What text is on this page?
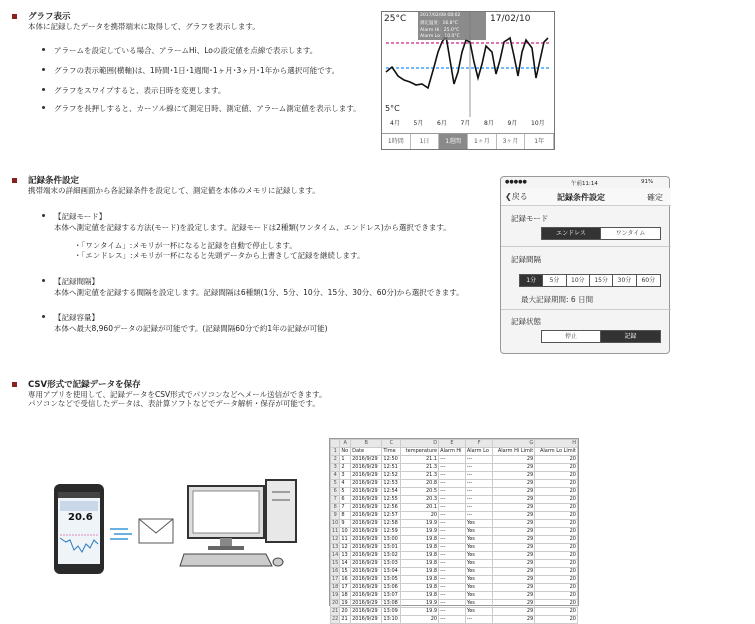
グラフ表示
本体に記録したデータを携帯端末に取得して、グラフを表示します。
アラームを設定している場合、アラームHi、Loの設定値を点線で表示します。
グラフの表示範囲(横軸)は、1時間･1日･1週間･1ヶ月･3ヶ月･1年から選択可能です。
グラフをスワイプすると、表示日時を変更します。
グラフを長押しすると、カーソル線にて測定日時、測定値、アラーム測定値を表示します。
25°C
5°C
17/02/10
2017/02/08 08:02
測定温度：16.8°C
Alarm Hi：25.0°C
Alarm Lo：10.0°C
4月 5月 6月 7月 8月 9月 10月
1時間	1日	1週間	1ヶ月	3ヶ月	1年
記録条件設定
携帯端末の詳細画面から各記録条件を設定して、測定値を本体のメモリに記録します。
【記録モード】
本体へ測定値を記録する方法(モード)を設定します。記録モードは2種類(ワンタイム、エンドレス)から選択できます。
・「ワンタイム」:メモリが一杯になると記録を自動で停止します。
・「エンドレス」:メモリが一杯になると先頭データから上書きして記録を継続します。
【記録間隔】
本体へ測定値を記録する間隔を設定します。記録間隔は6種類(1分、5分、10分、15分、30分、60分)から選択できます。
【記録容量】
本体へ最大8,960データの記録が可能です。(記録間隔60分で約1年の記録が可能)
●●●●●	午前11:14	91%
❮戻る	記録条件設定	確定
記録モード
エンドレス	ワンタイム
記録間隔
1分	5分	10分	15分	30分	60分
最大記録期間: 6 日間
記録状態
停止	記録
CSV形式で記録データを保存
専用アプリを使用して、記録データをCSV形式でパソコンなどへメール送信ができます。
パソコンなどで受信したデータは、表計算ソフトなどでデータ解析・保存が可能です。
20.6
	A	B	C	D	E	F	G	H
1	No	Date	Time	temperature	Alarm Hi	Alarm Lo	Alarm Hi Limit	Alarm Lo Limit
2	1	2016/9/29	12:50	21.1	---	---	29	20
3	2	2016/9/29	12:51	21.3	---	---	29	20
4	3	2016/9/29	12:52	21.3	---	---	29	20
5	4	2016/9/29	12:53	20.8	---	---	29	20
6	5	2016/9/29	12:54	20.5	---	---	29	20
7	6	2016/9/29	12:55	20.3	---	---	29	20
8	7	2016/9/29	12:56	20.1	---	---	29	20
9	8	2016/9/29	12:57	20	---	---	29	20
10	9	2016/9/29	12:58	19.9	---	Yes	29	20
11	10	2016/9/29	12:59	19.9	---	Yes	29	20
12	11	2016/9/29	13:00	19.8	---	Yes	29	20
13	12	2016/9/29	13:01	19.8	---	Yes	29	20
14	13	2016/9/29	13:02	19.8	---	Yes	29	20
15	14	2016/9/29	13:03	19.8	---	Yes	29	20
16	15	2016/9/29	13:04	19.8	---	Yes	29	20
17	16	2016/9/29	13:05	19.8	---	Yes	29	20
18	17	2016/9/29	13:06	19.8	---	Yes	29	20
19	18	2016/9/29	13:07	19.8	---	Yes	29	20
20	19	2016/9/29	13:08	19.9	---	Yes	29	20
21	20	2016/9/29	13:09	19.9	---	Yes	29	20
22	21	2016/9/29	13:10	20	---	---	29	20
